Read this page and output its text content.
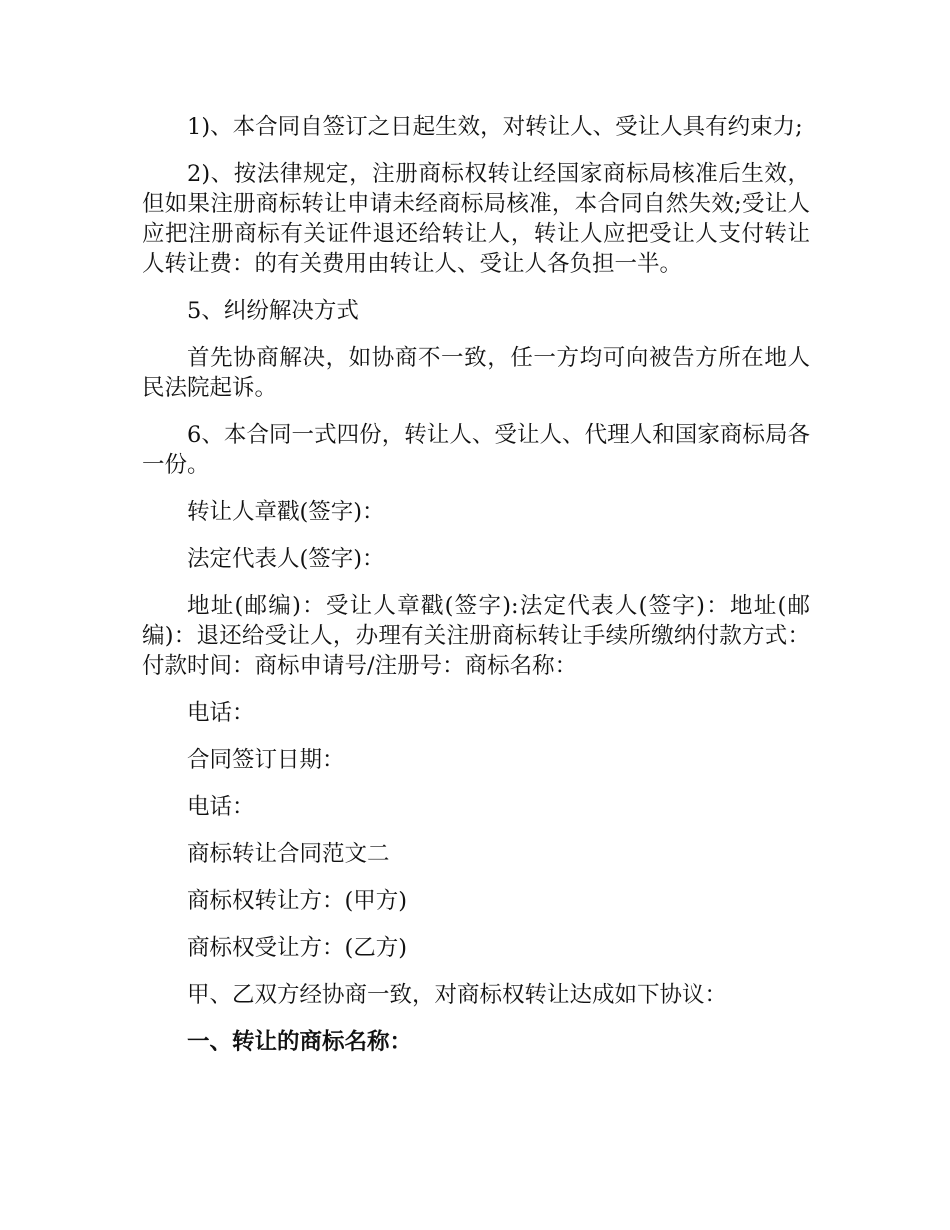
1)、本合同自签订之日起生效，对转让人、受让人具有约束力;

2)、按法律规定，注册商标权转让经国家商标局核准后生效，但如果注册商标转让申请未经商标局核准，本合同自然失效;受让人应把注册商标有关证件退还给转让人，转让人应把受让人支付转让人转让费：的有关费用由转让人、受让人各负担一半。

5、纠纷解决方式

首先协商解决，如协商不一致，任一方均可向被告方所在地人民法院起诉。

6、本合同一式四份，转让人、受让人、代理人和国家商标局各一份。

转让人章戳(签字)：

法定代表人(签字)：

地址(邮编)：受让人章戳(签字):法定代表人(签字)：地址(邮编)：退还给受让人，办理有关注册商标转让手续所缴纳付款方式：付款时间：商标申请号/注册号：商标名称：

电话：

合同签订日期：

电话：

商标转让合同范文二

商标权转让方：(甲方)

商标权受让方：(乙方)

甲、乙双方经协商一致，对商标权转让达成如下协议：

一、转让的商标名称：
